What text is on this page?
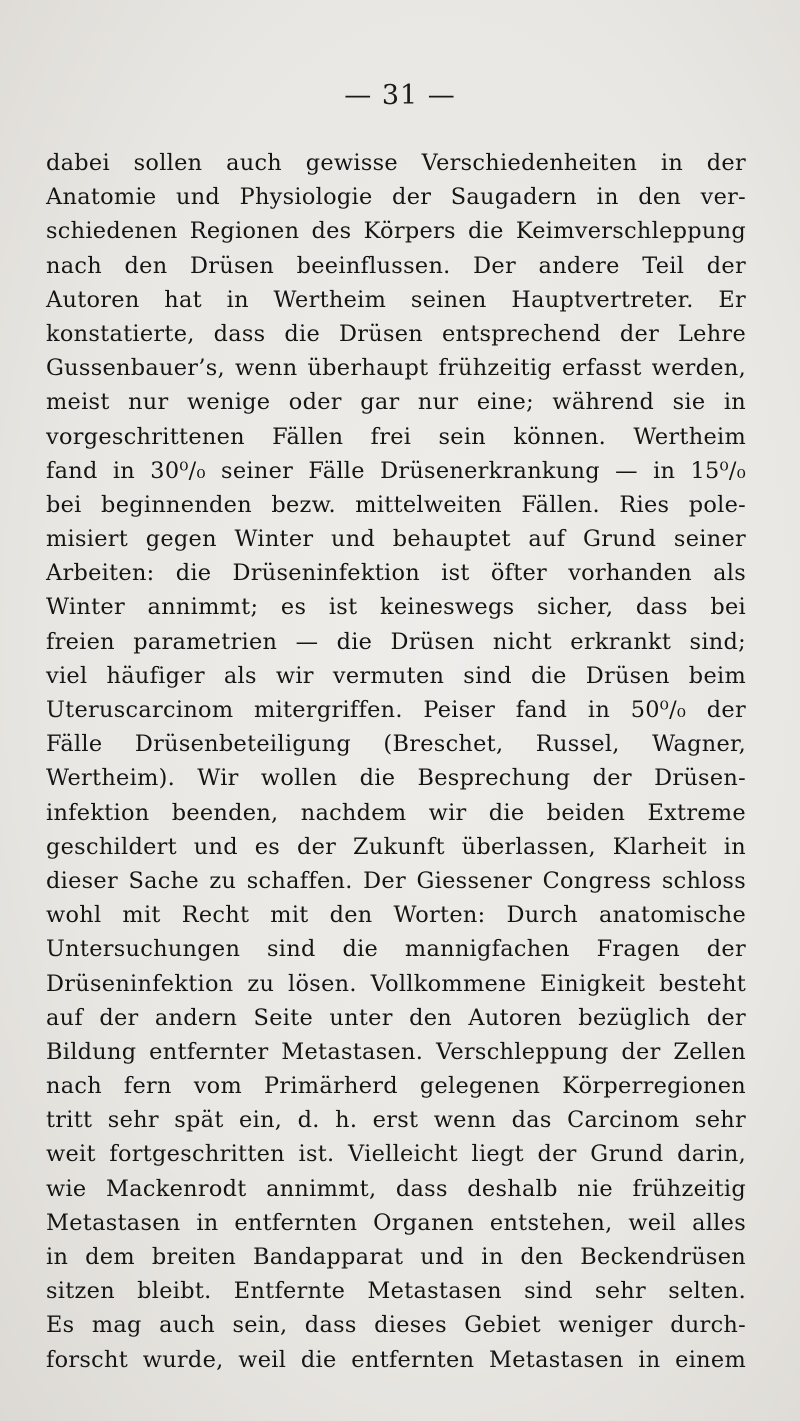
— 31 —
dabei sollen auch gewisse Verschiedenheiten in der
Anatomie und Physiologie der Saugadern in den ver-
schiedenen Regionen des Körpers die Keimverschleppung
nach den Drüsen beeinflussen. Der andere Teil der
Autoren hat in Wertheim seinen Hauptvertreter. Er
konstatierte, dass die Drüsen entsprechend der Lehre
Gussenbauer’s, wenn überhaupt frühzeitig erfasst werden,
meist nur wenige oder gar nur eine; während sie in
vorgeschrittenen Fällen frei sein können. Wertheim
fand in 30⁰/₀ seiner Fälle Drüsenerkrankung — in 15⁰/₀
bei beginnenden bezw. mittelweiten Fällen. Ries pole-
misiert gegen Winter und behauptet auf Grund seiner
Arbeiten: die Drüseninfektion ist öfter vorhanden als
Winter annimmt; es ist keineswegs sicher, dass bei
freien parametrien — die Drüsen nicht erkrankt sind;
viel häufiger als wir vermuten sind die Drüsen beim
Uteruscarcinom mitergriffen. Peiser fand in 50⁰/₀ der
Fälle Drüsenbeteiligung (Breschet, Russel, Wagner,
Wertheim). Wir wollen die Besprechung der Drüsen-
infektion beenden, nachdem wir die beiden Extreme
geschildert und es der Zukunft überlassen, Klarheit in
dieser Sache zu schaffen. Der Giessener Congress schloss
wohl mit Recht mit den Worten: Durch anatomische
Untersuchungen sind die mannigfachen Fragen der
Drüseninfektion zu lösen. Vollkommene Einigkeit besteht
auf der andern Seite unter den Autoren bezüglich der
Bildung entfernter Metastasen. Verschleppung der Zellen
nach fern vom Primärherd gelegenen Körperregionen
tritt sehr spät ein, d. h. erst wenn das Carcinom sehr
weit fortgeschritten ist. Vielleicht liegt der Grund darin,
wie Mackenrodt annimmt, dass deshalb nie frühzeitig
Metastasen in entfernten Organen entstehen, weil alles
in dem breiten Bandapparat und in den Beckendrüsen
sitzen bleibt. Entfernte Metastasen sind sehr selten.
Es mag auch sein, dass dieses Gebiet weniger durch-
forscht wurde, weil die entfernten Metastasen in einem
